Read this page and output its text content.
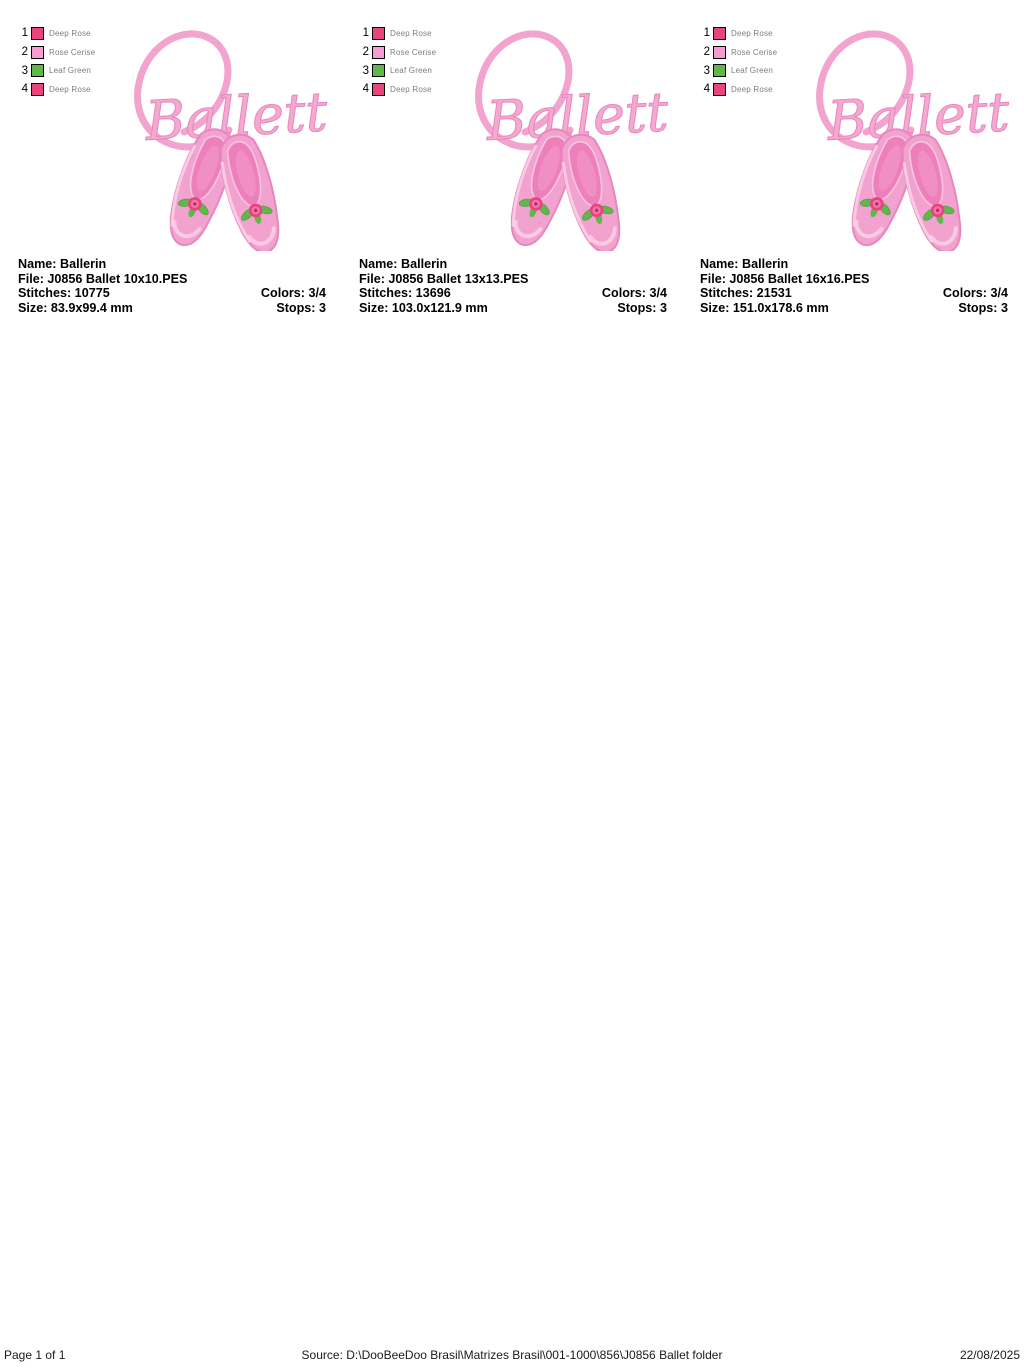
1	Deep Rose
2	Rose Cerise
3	Leaf Green
4	Deep Rose
Name: Ballerin
File: J0856 Ballet 10x10.PES
Stitches: 10775	Colors: 3/4
Size: 83.9x99.4 mm	Stops: 3
1	Deep Rose
2	Rose Cerise
3	Leaf Green
4	Deep Rose
Name: Ballerin
File: J0856 Ballet 13x13.PES
Stitches: 13696	Colors: 3/4
Size: 103.0x121.9 mm	Stops: 3
1	Deep Rose
2	Rose Cerise
3	Leaf Green
4	Deep Rose
Name: Ballerin
File: J0856 Ballet 16x16.PES
Stitches: 21531	Colors: 3/4
Size: 151.0x178.6 mm	Stops: 3
Page 1 of 1	Source: D:\DooBeeDoo Brasil\Matrizes Brasil\001-1000\856\J0856 Ballet folder	22/08/2025
